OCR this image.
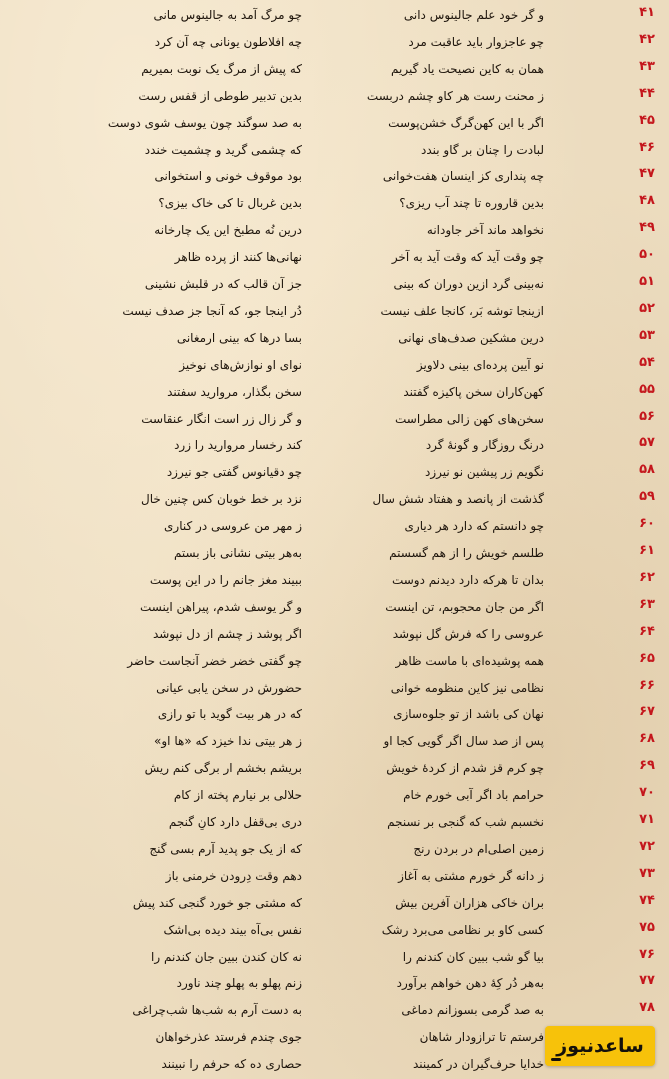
۴۱
و گر خود علم جالینوس دانی
چو مرگ آمد به جالینوس مانی
۴۲
چو عاجزوار باید عاقبت مرد
چه افلاطون یونانی چه آن کرد
۴۳
همان به کاین نصیحت یاد گیریم
که پیش از مرگ یک نوبت بمیریم
۴۴
ز محنت رست هر کاو چشم دربست
بدین تدبیر طوطی از قفس رست
۴۵
اگر با این کهن‌گرگ خشن‌پوست
به صد سوگند چون یوسف شوی دوست
۴۶
لبادت را چنان بر گاو بندد
که چشمی گرید و چشمیت خندد
۴۷
چه پنداری کز اینسان هفت‌خوانی
بود موقوف خونی و استخوانی
۴۸
بدین قاروره تا چند آب ریزی؟
بدین غربال تا کی خاک بیزی؟
۴۹
نخواهد ماند آخر جاودانه
درین نُه مطبخ این یک چارخانه
۵۰
چو وقت آید که وقت آید به آخر
نهانی‌ها کنند از پرده ظاهر
۵۱
نه‌بینی گرد ازین دوران که بینی
جز آن قالب که در قلبش نشینی
۵۲
ازینجا توشه بَر، کانجا علف نیست
دُر اینجا جو، که آنجا جز صدف نیست
۵۳
درین مشکین صدف‌های نهانی
بسا درها که بینی ارمغانی
۵۴
نو آیین پرده‌ای بینی دلاویز
نوای او نوازش‌های نوخیز
۵۵
کهن‌کاران سخن پاکیزه گفتند
سخن بگذار، مروارید سفتند
۵۶
سخن‌های کهن زالی مطراست
و گر زال زر است انگار عنقاست
۵۷
درنگ روزگار و گونهٔ گرد
کند رخسار مروارید را زرد
۵۸
نگویم زر پیشین نو نیرزد
چو دقیانوس گفتی جو نیرزد
۵۹
گذشت از پانصد و هفتاد شش سال
نزد بر خط خوبان کس چنین خال
۶۰
چو دانستم که دارد هر دیاری
ز مهر من عروسی در کناری
۶۱
طلسم خویش را از هم گسستم
به‌هر بیتی نشانی باز بستم
۶۲
بدان تا هرکه دارد دیدنم دوست
ببیند مغز جانم را در این پوست
۶۳
اگر من جان محجوبم، تن اینست
و گر یوسف شدم، پیراهن اینست
۶۴
عروسی را که فرش گل نپوشد
اگر پوشد ز چشم از دل نپوشد
۶۵
همه پوشیده‌ای با ماست ظاهر
چو گفتی خضر خضر آنجاست حاضر
۶۶
نظامی نیز کاین منظومه خوانی
حضورش در سخن یابی عیانی
۶۷
نهان کی باشد از تو جلوه‌سازی
که در هر بیت گوید با تو رازی
۶۸
پس از صد سال اگر گویی کجا او
ز هر بیتی ندا خیزد که «ها او»
۶۹
چو کرم قز شدم از کردهٔ خویش
بریشم بخشم ار برگی کنم ریش
۷۰
حرامم باد اگر آبی خورم خام
حلالی بر نیارم پخته از کام
۷۱
نخسبم شب که گنجی بر نسنجم
دری بی‌قفل دارد کانِ گنجم
۷۲
زمین اصلی‌ام در بردن رنج
که از یک جو پدید آرم بسی گنج
۷۳
ز دانه گر خورم مشتی به آغاز
دهم وقت دِرودن خرمنی باز
۷۴
بران خاکی هزاران آفرین بیش
که مشتی جو خورد گنجی کند پیش
۷۵
کسی کاو بر نظامی می‌برد رشک
نفس بی‌آه بیند دیده بی‌اشک
۷۶
بیا گو شب ببین کان کندنم را
نه کان کندن ببین جان کندنم را
۷۷
به‌هر دُر کِهٔ دهن خواهم برآورد
زنم پهلو به پهلو چند ناورد
۷۸
به صد گرمی بسوزانم دماغی
به دست آرم به شب‌ها شب‌چراغی
فرستم تا ترازودار شاهان
جوی چندم فرستد عذرخواهان
خدایا حرف‌گیران در کمینند
حصاری ده که حرفم را نبینند
ساعدنیوز
